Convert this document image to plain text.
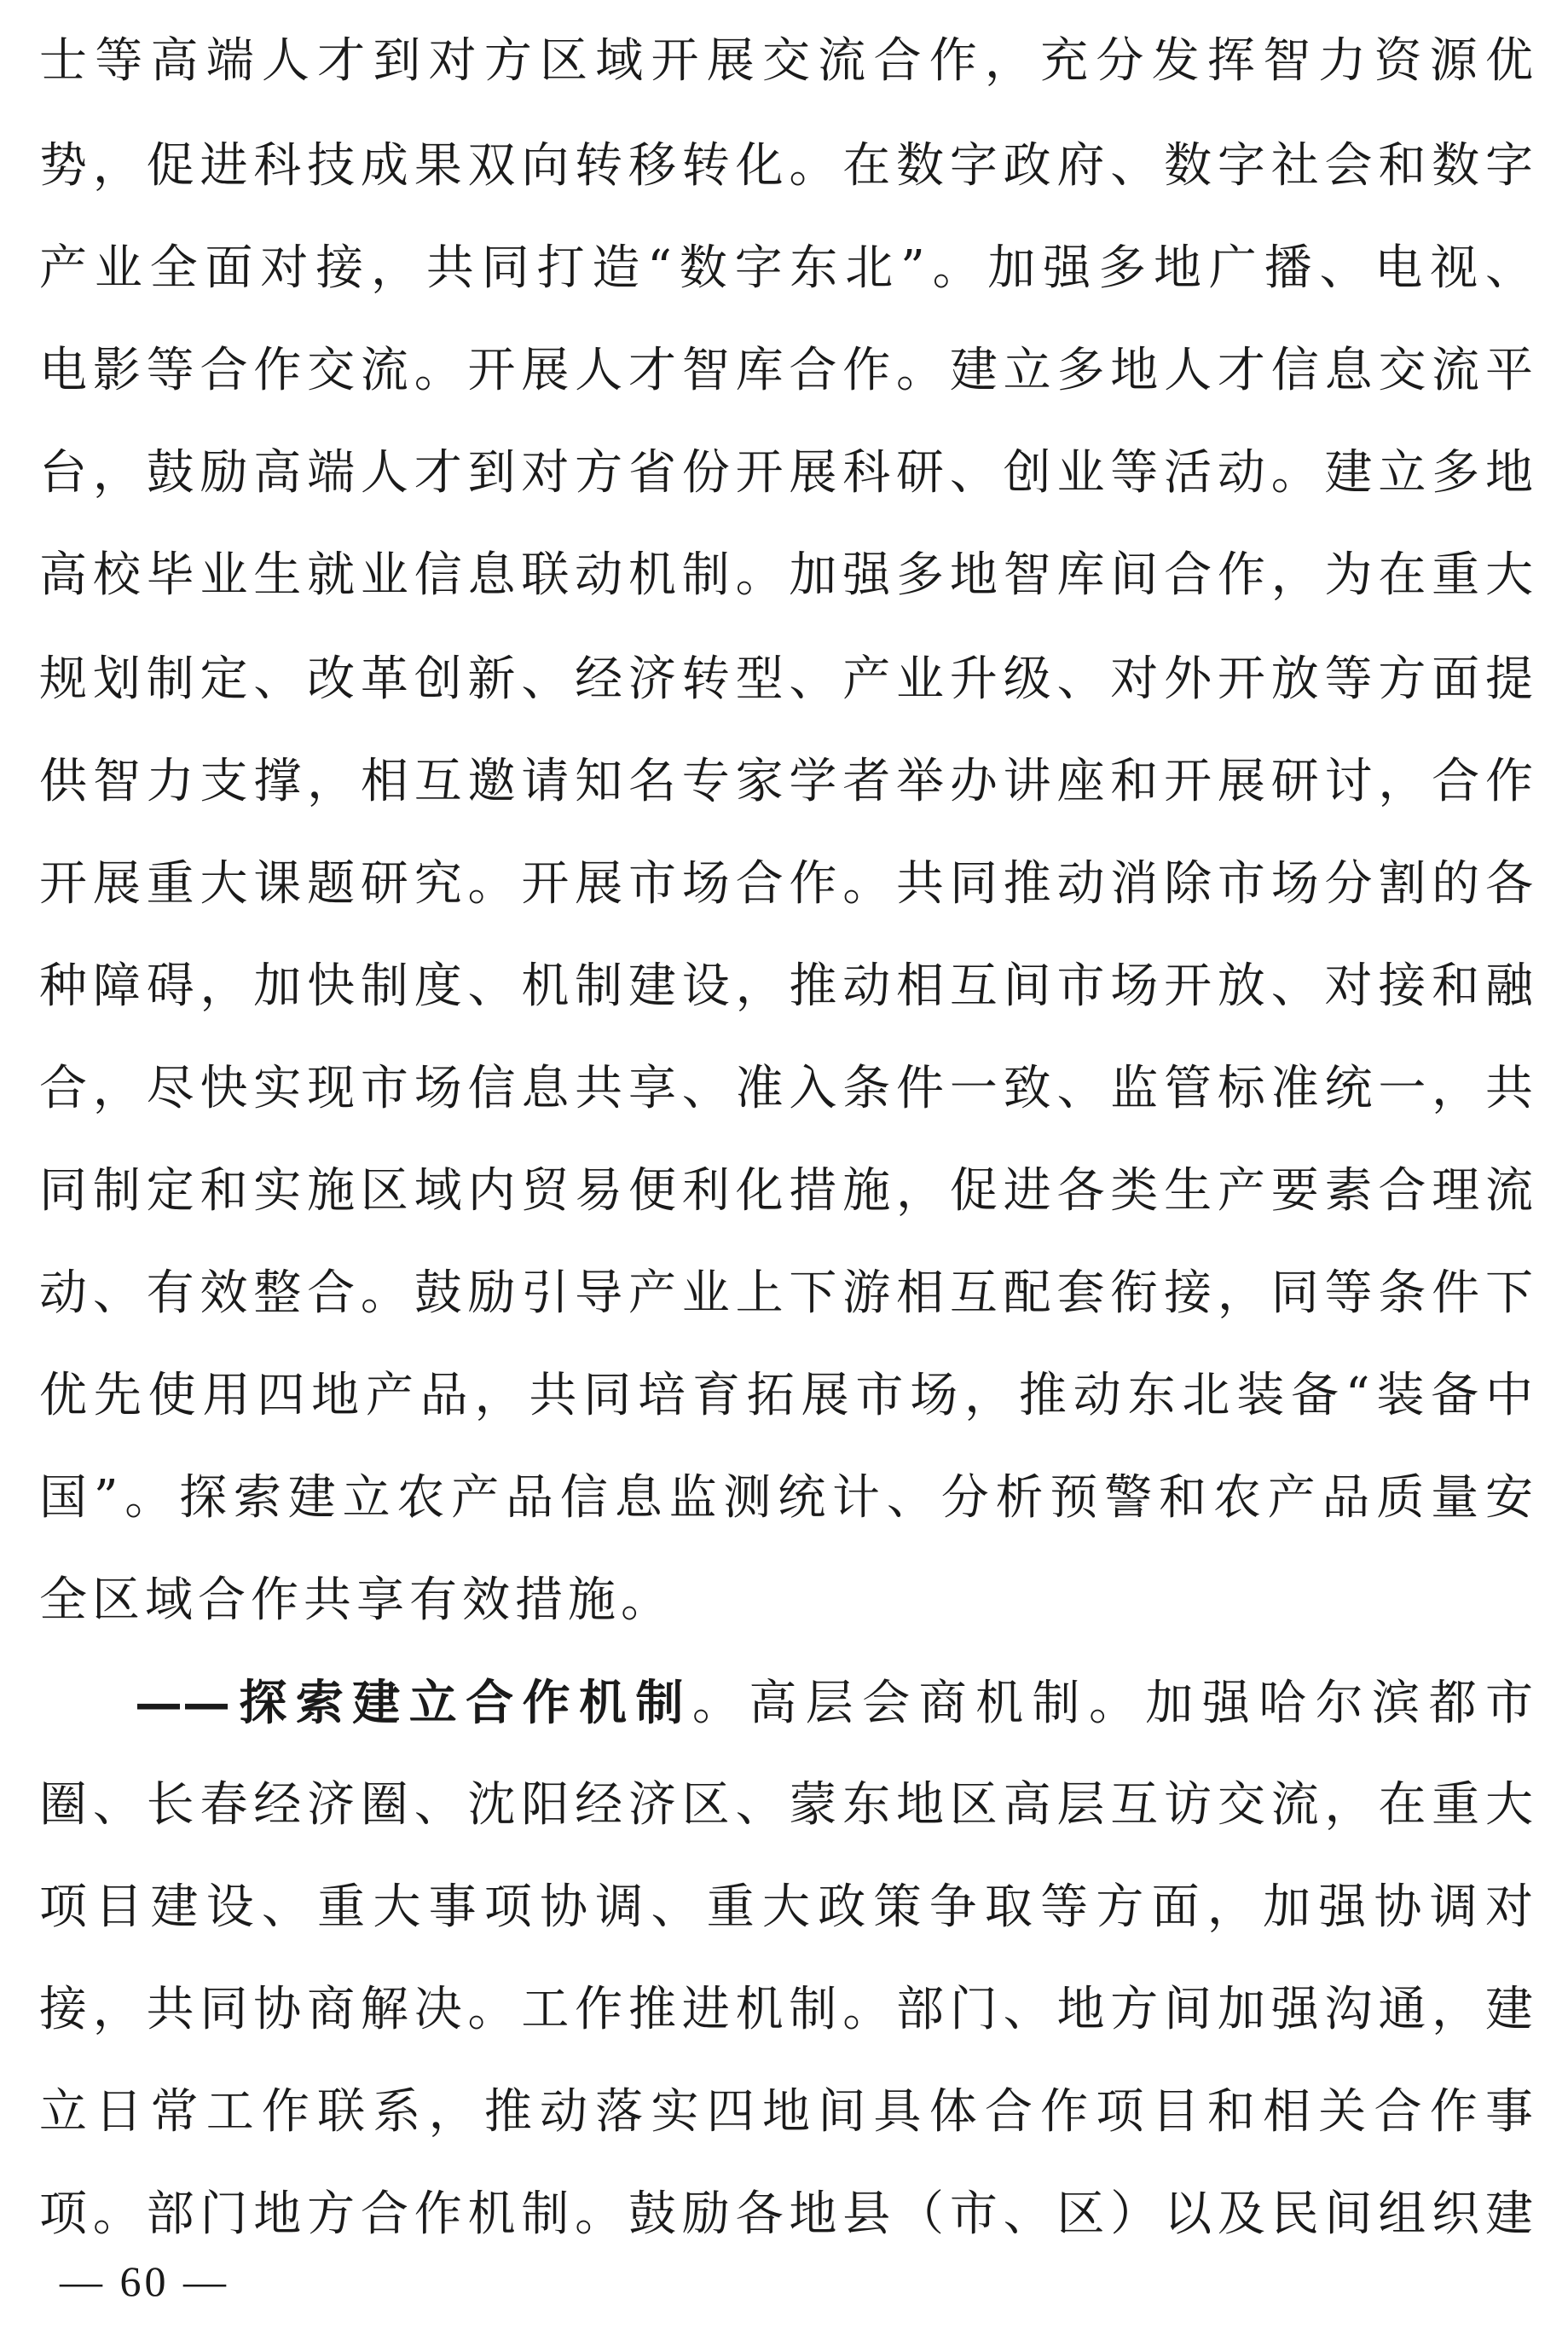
士等高端人才到对方区域开展交流合作，充分发挥智力资源优
势，促进科技成果双向转移转化。在数字政府、数字社会和数字
产业全面对接，共同打造“数字东北”。加强多地广播、电视、
电影等合作交流。开展人才智库合作。建立多地人才信息交流平
台，鼓励高端人才到对方省份开展科研、创业等活动。建立多地
高校毕业生就业信息联动机制。加强多地智库间合作，为在重大
规划制定、改革创新、经济转型、产业升级、对外开放等方面提
供智力支撑，相互邀请知名专家学者举办讲座和开展研讨，合作
开展重大课题研究。开展市场合作。共同推动消除市场分割的各
种障碍，加快制度、机制建设，推动相互间市场开放、对接和融
合，尽快实现市场信息共享、准入条件一致、监管标准统一，共
同制定和实施区域内贸易便利化措施，促进各类生产要素合理流
动、有效整合。鼓励引导产业上下游相互配套衔接，同等条件下
优先使用四地产品，共同培育拓展市场，推动东北装备“装备中
国”。探索建立农产品信息监测统计、分析预警和农产品质量安
全区域合作共享有效措施。
——探索建立合作机制。高层会商机制。加强哈尔滨都市
圈、长春经济圈、沈阳经济区、蒙东地区高层互访交流，在重大
项目建设、重大事项协调、重大政策争取等方面，加强协调对
接，共同协商解决。工作推进机制。部门、地方间加强沟通，建
立日常工作联系，推动落实四地间具体合作项目和相关合作事
项。部门地方合作机制。鼓励各地县（市、区）以及民间组织建
— 60 —
